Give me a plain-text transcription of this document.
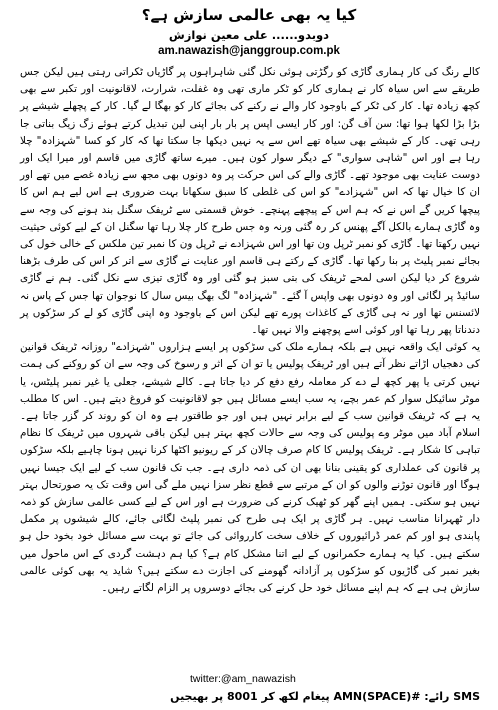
کیا یہ بھی عالمی سازش ہے؟
دوبدو...... علی معین نوازش
am.nawazish@janggroup.com.pk

کالے رنگ کی کار ہماری گاڑی کو رگڑتی ہوئی نکل گئی شاہراہوں پر گاڑیاں ٹکراتی رہتی ہیں لیکن جس طریقے سے اس سیاہ کار نے ہماری کار کو ٹکر ماری تھی وہ غفلت، شرارت، لاقانونیت اور تکبر سے بھی کچھ زیادہ تھا۔ کار کی ٹکر کے باوجود کار والے نے رکنے کی بجائے کار کو بھگا لے گیا۔ کار کے پچھلے شیشے پر بڑا بڑا لکھا ہوا تھا: سن آف گن: اور کار ایسی اپس پر بار بار اپنی لین تبدیل کرتے ہوئے زگ زیگ بناتی جا رہی تھی۔ کار کے شیشے بھی سیاہ تھے اس سے یہ نہیں دیکھا جا سکتا تھا کہ کار کو کسا "شہزادہ" چلا رہا ہے اور اس "شاہی سواری" کے دیگر سوار کون ہیں۔ میرے ساتھ گاڑی میں قاسم اور میرا ایک اور دوست عنایت بھی موجود تھے۔ گاڑی والے کی اس حرکت پر وہ دونوں بھی مجھ سے زیادہ غصے میں تھے اور ان کا خیال تھا کہ اس "شہزادے" کو اس کی غلطی کا سبق سکھانا بہت ضروری ہے اس لیے ہم اس کا پیچھا کریں گے اس نے کہ ہم اس کے پیچھے پہنچے۔ خوش قسمتی سے ٹریفک سگنل بند ہونے کی وجہ سے وہ گاڑی ہمارے بالکل آگے پھنس کر رہ گئی ورنہ وہ جس طرح کار چلا رہا تھا سگنل ان کے لیے کوئی حیثیت نہیں رکھتا تھا۔ گاڑی کو نمبر ٹرپل ون تھا اور اس شہزادے نے ٹرپل ون کا نمبر تین ملکس کے خالی خول کی بجائے نمبر پلیٹ پر بنا رکھا تھا۔ گاڑی کے رکتے ہی قاسم اور عنایت نے گاڑی سے اتر کر اس کی طرف بڑھنا شروع کر دیا لیکن اسی لمحے ٹریفک کی بتی سبز ہو گئی اور وہ گاڑی تیزی سے نکل گئی۔ ہم نے گاڑی سائیڈ پر لگائی اور وہ دونوں بھی واپس آ گئے۔ "شہزادہ" لگ بھگ بیس سال کا نوجوان تھا جس کے پاس نہ لائسنس تھا اور نہ ہی گاڑی کے کاغذات پورے تھے لیکن اس کے باوجود وہ اپنی گاڑی کو لے کر سڑکوں پر دندناتا پھر رہا تھا اور کوئی اسے پوچھنے والا نہیں تھا۔

یہ کوئی ایک واقعہ نہیں ہے بلکہ ہمارے ملک کی سڑکوں پر ایسے ہزاروں "شہزادے" روزانہ ٹریفک قوانین کی دھجیاں اڑاتے نظر آتے ہیں اور ٹریفک پولیس یا تو ان کے اثر و رسوخ کی وجہ سے ان کو روکنے کی ہمت نہیں کرتی یا پھر کچھ لے دے کر معاملہ رفع دفع کر دیا جاتا ہے۔ کالے شیشے، جعلی یا غیر نمبر پلیٹس، یا موٹر سائیکل سوار کم عمر بچے، یہ سب ایسے مسائل ہیں جو لاقانونیت کو فروغ دیتے ہیں۔ اس کا مطلب یہ ہے کہ ٹریفک قوانین سب کے لیے برابر نہیں ہیں اور جو طاقتور ہے وہ ان کو روند کر گزر جاتا ہے۔ اسلام آباد میں موٹر وے پولیس کی وجہ سے حالات کچھ بہتر ہیں لیکن باقی شہروں میں ٹریفک کا نظام تباہی کا شکار ہے۔ ٹریفک پولیس کا کام صرف چالان کر کے ریونیو اکٹھا کرنا نہیں ہونا چاہیے بلکہ سڑکوں پر قانون کی عملداری کو یقینی بنانا بھی ان کی ذمہ داری ہے۔ جب تک قانون سب کے لیے ایک جیسا نہیں ہوگا اور قانون توڑنے والوں کو ان کے مرتبے سے قطع نظر سزا نہیں ملے گی اس وقت تک یہ صورتحال بہتر نہیں ہو سکتی۔ ہمیں اپنے گھر کو ٹھیک کرنے کی ضرورت ہے اور اس کے لیے کسی عالمی سازش کو ذمہ دار ٹھہرانا مناسب نہیں۔ ہر گاڑی پر ایک ہی طرح کی نمبر پلیٹ لگائی جائے، کالے شیشوں پر مکمل پابندی ہو اور کم عمر ڈرائیوروں کے خلاف سخت کارروائی کی جائے تو بہت سے مسائل خود بخود حل ہو سکتے ہیں۔ کیا یہ ہمارے حکمرانوں کے لیے اتنا مشکل کام ہے؟ کیا ہم دہشت گردی کے اس ماحول میں بغیر نمبر کی گاڑیوں کو سڑکوں پر آزادانہ گھومنے کی اجازت دے سکتے ہیں؟ شاید یہ بھی کوئی عالمی سازش ہی ہے کہ ہم اپنے مسائل خود حل کرنے کی بجائے دوسروں پر الزام لگاتے رہیں۔

twitter:@am_nawazish
SMS رائے: #AMN(SPACE) پیغام لکھ کر 8001 پر بھیجیں
